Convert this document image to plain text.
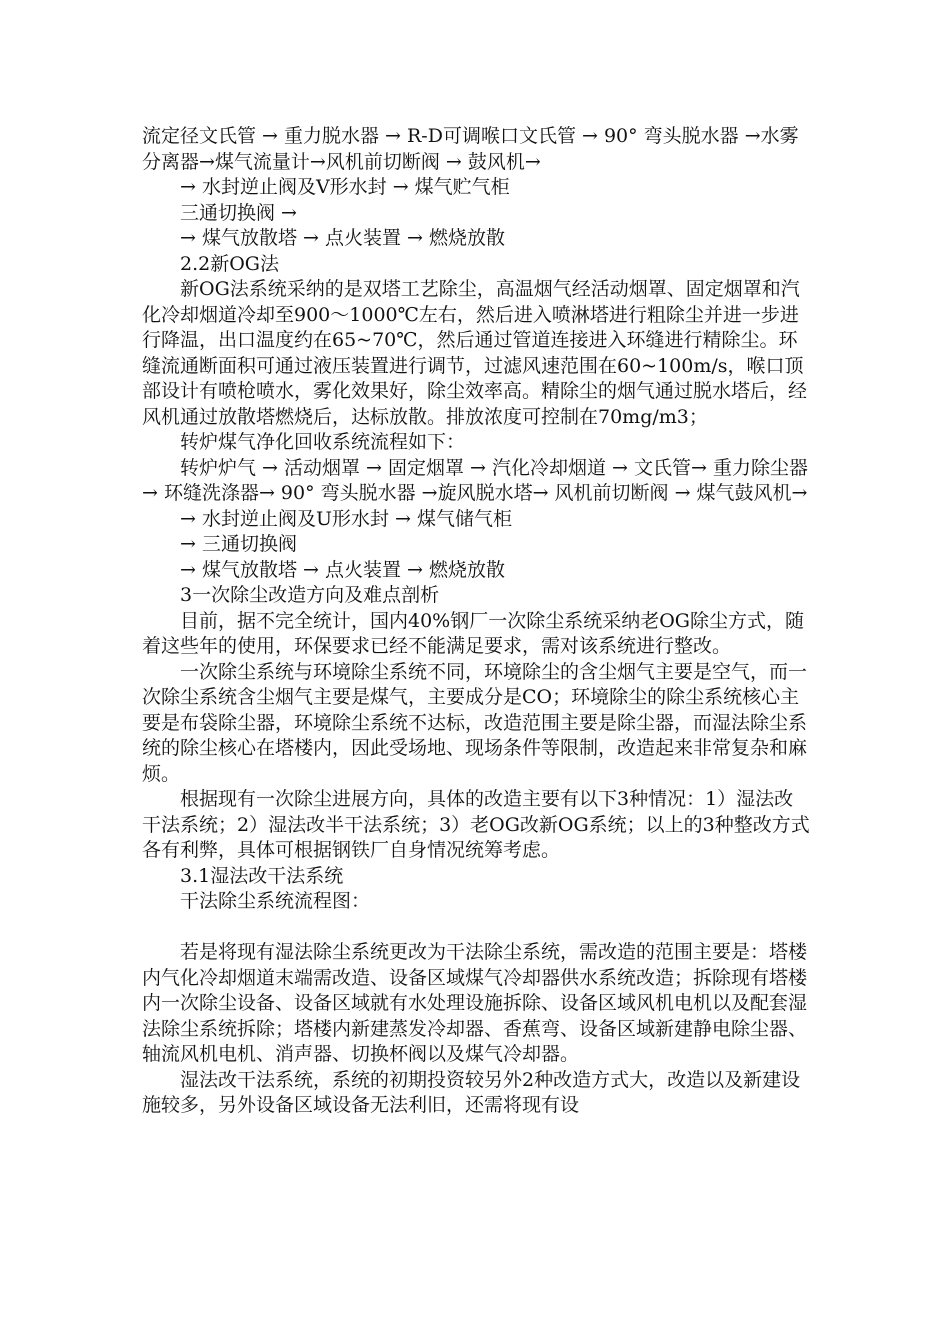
流定径文氏管 → 重力脱水器 → R-D可调喉口文氏管 → 90° 弯头脱水器 →水雾分离器→煤气流量计→风机前切断阀 → 鼓风机→

→ 水封逆止阀及V形水封 → 煤气贮气柜

三通切换阀 →

→ 煤气放散塔 → 点火装置 → 燃烧放散

2.2新OG法

新OG法系统采纳的是双塔工艺除尘，高温烟气经活动烟罩、固定烟罩和汽化冷却烟道冷却至900～1000℃左右，然后进入喷淋塔进行粗除尘并进一步进行降温，出口温度约在65~70℃，然后通过管道连接进入环缝进行精除尘。环缝流通断面积可通过液压装置进行调节，过滤风速范围在60~100m/s，喉口顶部设计有喷枪喷水，雾化效果好，除尘效率高。精除尘的烟气通过脱水塔后，经风机通过放散塔燃烧后，达标放散。排放浓度可控制在70mg/m3；

转炉煤气净化回收系统流程如下：

转炉炉气 → 活动烟罩 → 固定烟罩 → 汽化冷却烟道 → 文氏管→ 重力除尘器 → 环缝洗涤器→ 90° 弯头脱水器 →旋风脱水塔→ 风机前切断阀 → 煤气鼓风机→

→ 水封逆止阀及U形水封 → 煤气储气柜

→ 三通切换阀

→ 煤气放散塔 → 点火装置 → 燃烧放散

3一次除尘改造方向及难点剖析

目前，据不完全统计，国内40%钢厂一次除尘系统采纳老OG除尘方式，随着这些年的使用，环保要求已经不能满足要求，需对该系统进行整改。

一次除尘系统与环境除尘系统不同，环境除尘的含尘烟气主要是空气，而一次除尘系统含尘烟气主要是煤气，主要成分是CO；环境除尘的除尘系统核心主要是布袋除尘器，环境除尘系统不达标，改造范围主要是除尘器，而湿法除尘系统的除尘核心在塔楼内，因此受场地、现场条件等限制，改造起来非常复杂和麻烦。

根据现有一次除尘进展方向，具体的改造主要有以下3种情况：1）湿法改干法系统；2）湿法改半干法系统；3）老OG改新OG系统；以上的3种整改方式各有利弊，具体可根据钢铁厂自身情况统筹考虑。

3.1湿法改干法系统

干法除尘系统流程图：

若是将现有湿法除尘系统更改为干法除尘系统，需改造的范围主要是：塔楼内气化冷却烟道末端需改造、设备区域煤气冷却器供水系统改造；拆除现有塔楼内一次除尘设备、设备区域就有水处理设施拆除、设备区域风机电机以及配套湿法除尘系统拆除；塔楼内新建蒸发冷却器、香蕉弯、设备区域新建静电除尘器、轴流风机电机、消声器、切换杯阀以及煤气冷却器。

湿法改干法系统，系统的初期投资较另外2种改造方式大，改造以及新建设施较多，另外设备区域设备无法利旧，还需将现有设
